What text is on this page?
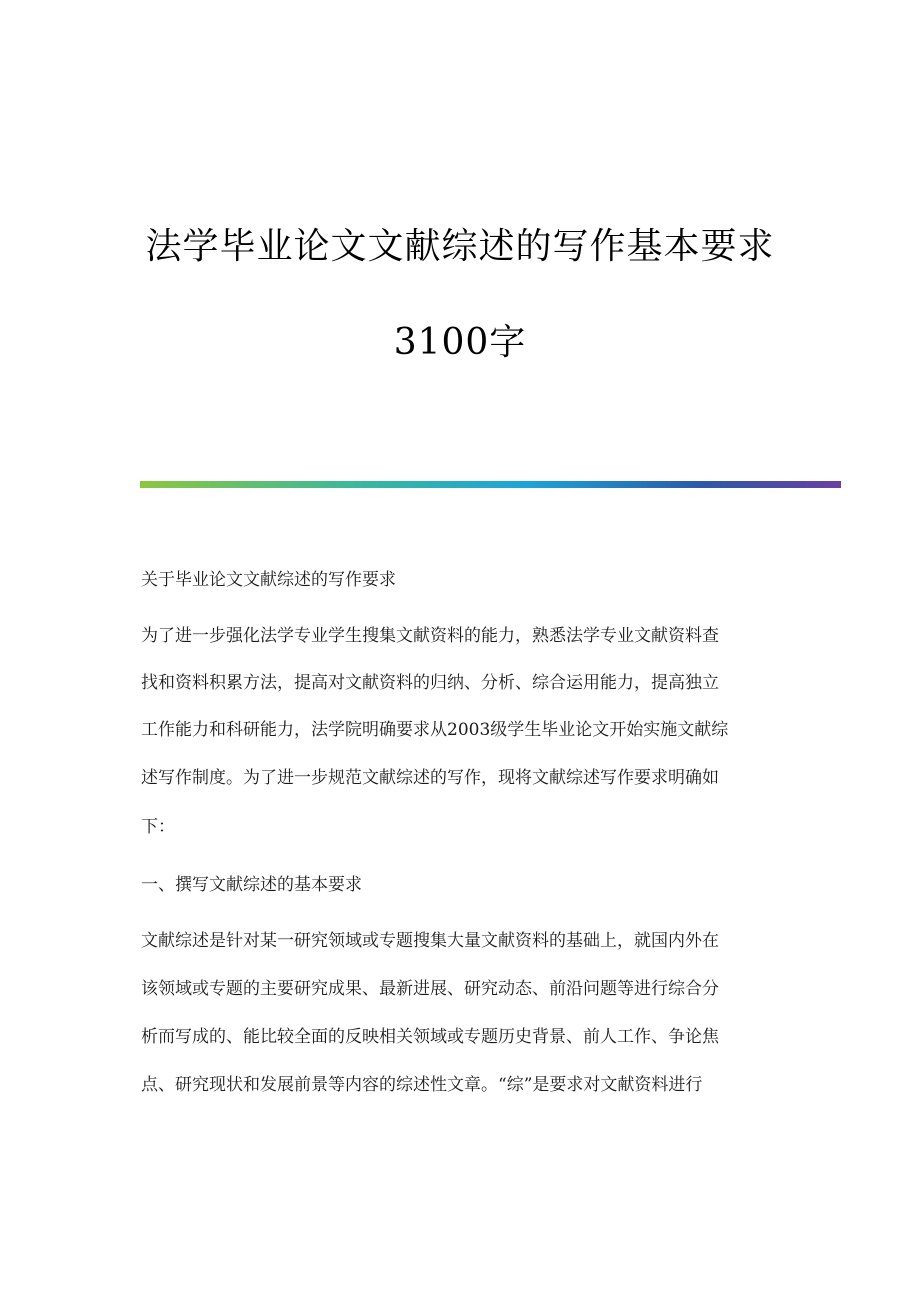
法学毕业论文文献综述的写作基本要求
3100字
关于毕业论文文献综述的写作要求
为了进一步强化法学专业学生搜集文献资料的能力，熟悉法学专业文献资料查
找和资料积累方法，提高对文献资料的归纳、分析、综合运用能力，提高独立
工作能力和科研能力，法学院明确要求从2003级学生毕业论文开始实施文献综
述写作制度。为了进一步规范文献综述的写作，现将文献综述写作要求明确如
下：
一、撰写文献综述的基本要求
文献综述是针对某一研究领域或专题搜集大量文献资料的基础上，就国内外在
该领域或专题的主要研究成果、最新进展、研究动态、前沿问题等进行综合分
析而写成的、能比较全面的反映相关领域或专题历史背景、前人工作、争论焦
点、研究现状和发展前景等内容的综述性文章。“综”是要求对文献资料进行
